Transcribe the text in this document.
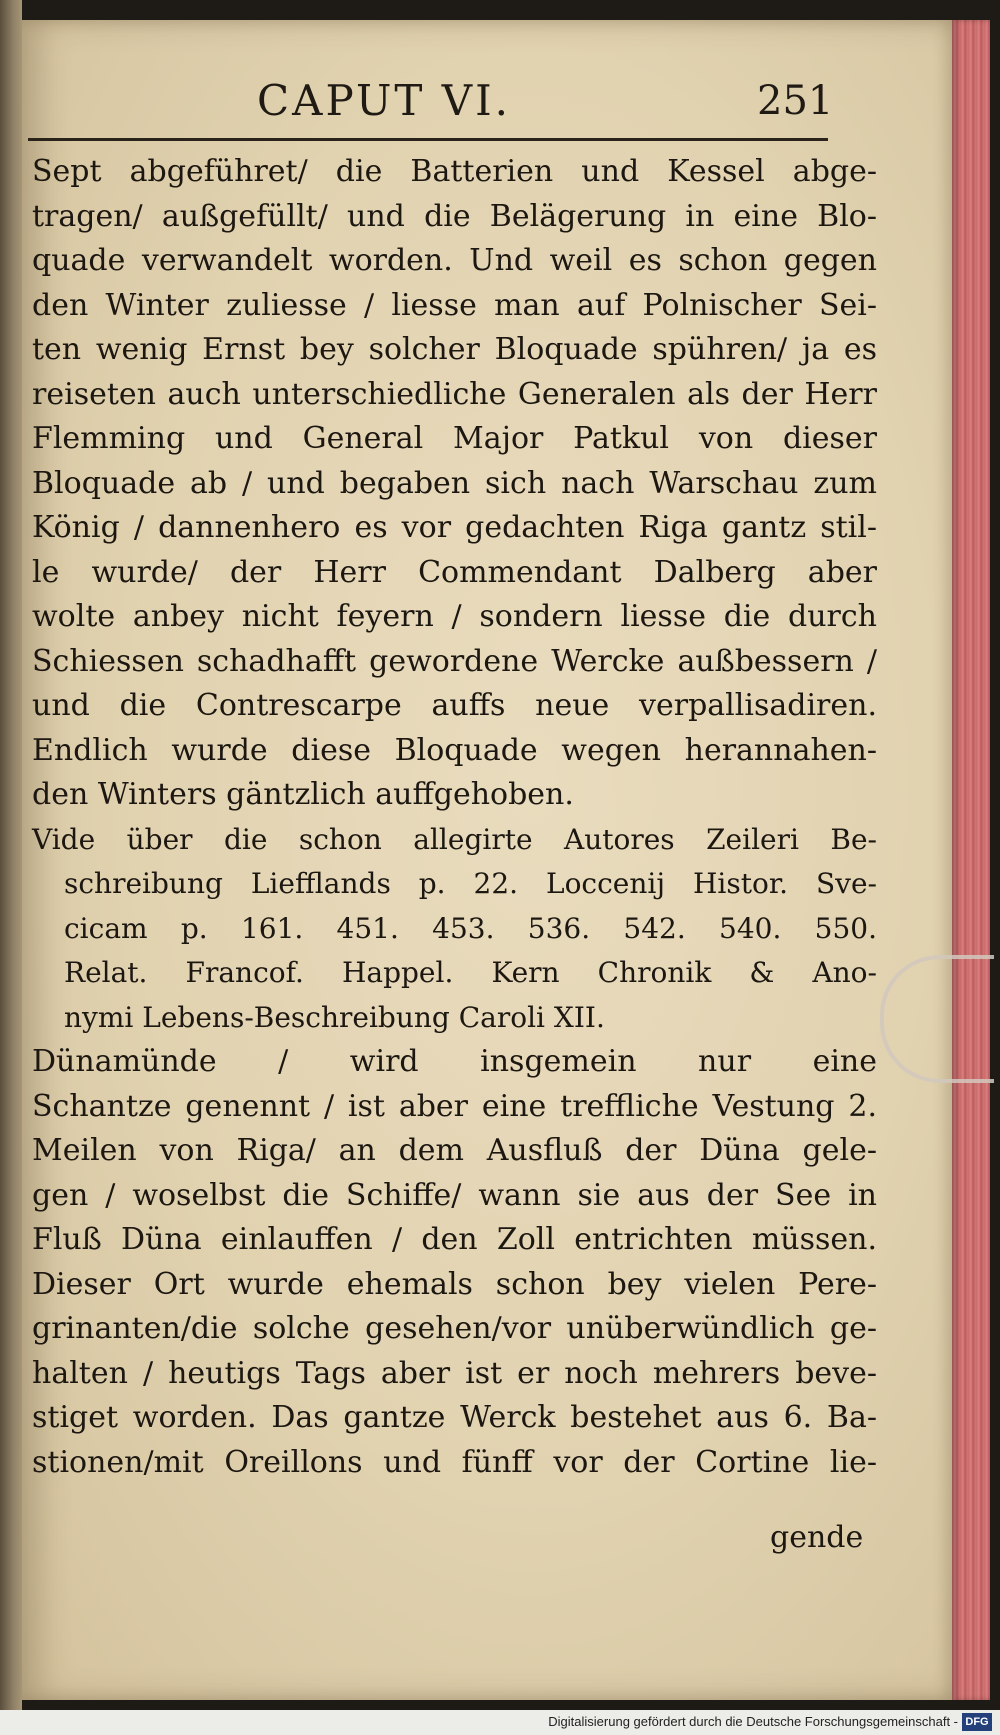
CAPUT VI.	251
Sept abgeführet/ die Batterien und Kessel abge-
tragen/ außgefüllt/ und die Belägerung in eine Blo-
quade verwandelt worden. Und weil es schon gegen
den Winter zuliesse / liesse man auf Polnischer Sei-
ten wenig Ernst bey solcher Bloquade spühren/ ja es
reiseten auch unterschiedliche Generalen als der Herr
Flemming und General Major Patkul von dieser
Bloquade ab / und begaben sich nach Warschau zum
König / dannenhero es vor gedachten Riga gantz stil-
le wurde/ der Herr Commendant Dalberg aber
wolte anbey nicht feyern / sondern liesse die durch
Schiessen schadhafft gewordene Wercke außbessern /
und die Contrescarpe auffs neue verpallisadiren.
Endlich wurde diese Bloquade wegen herannahen-
den Winters gäntzlich auffgehoben.
Vide über die schon allegirte Autores Zeileri Be-
schreibung Liefflands p. 22. Loccenij Histor. Sve-
cicam p. 161. 451. 453. 536. 542. 540. 550.
Relat. Francof. Happel. Kern Chronik & Ano-
nymi Lebens-Beschreibung Caroli XII.
Dünamünde / wird insgemein nur eine
Schantze genennt / ist aber eine treffliche Vestung 2.
Meilen von Riga/ an dem Ausfluß der Düna gele-
gen / woselbst die Schiffe/ wann sie aus der See in
Fluß Düna einlauffen / den Zoll entrichten müssen.
Dieser Ort wurde ehemals schon bey vielen Pere-
grinanten/die solche gesehen/vor unüberwündlich ge-
halten / heutigs Tags aber ist er noch mehrers beve-
stiget worden. Das gantze Werck bestehet aus 6. Ba-
stionen/mit Oreillons und fünff vor der Cortine lie-
gende
Digitalisierung gefördert durch die Deutsche Forschungsgemeinschaft - DFG
